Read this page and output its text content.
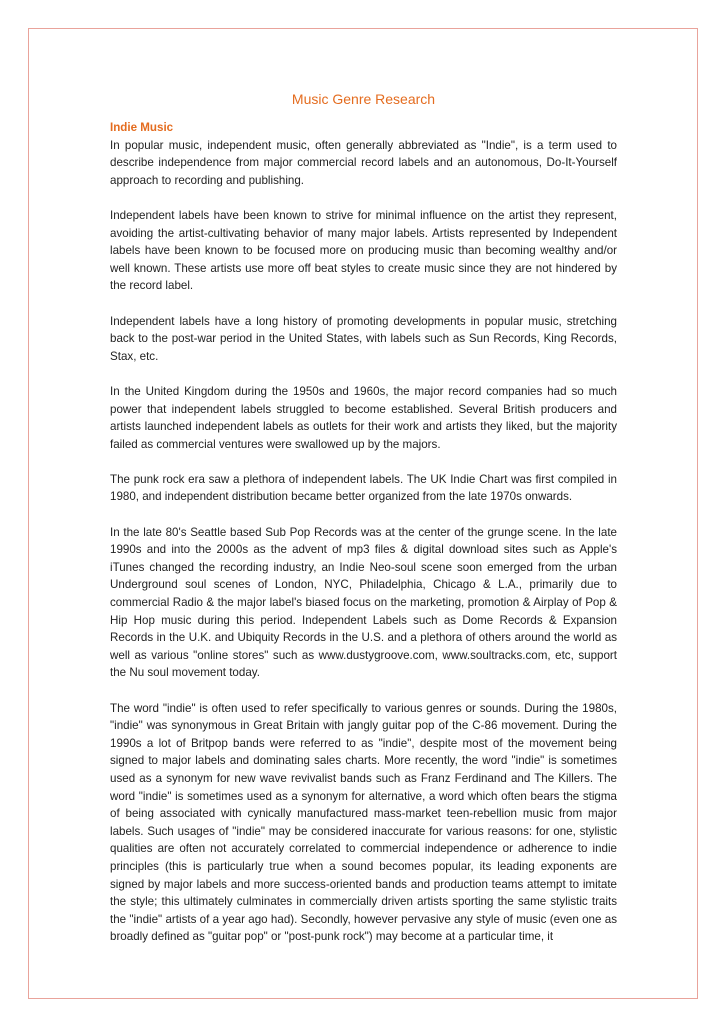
Music Genre Research
Indie Music

In popular music, independent music, often generally abbreviated as "Indie", is a term used to describe independence from major commercial record labels and an autonomous, Do-It-Yourself approach to recording and publishing.

Independent labels have been known to strive for minimal influence on the artist they represent, avoiding the artist-cultivating behavior of many major labels. Artists represented by Independent labels have been known to be focused more on producing music than becoming wealthy and/or well known. These artists use more off beat styles to create music since they are not hindered by the record label.

Independent labels have a long history of promoting developments in popular music, stretching back to the post-war period in the United States, with labels such as Sun Records, King Records, Stax, etc.

In the United Kingdom during the 1950s and 1960s, the major record companies had so much power that independent labels struggled to become established. Several British producers and artists launched independent labels as outlets for their work and artists they liked, but the majority failed as commercial ventures were swallowed up by the majors.

The punk rock era saw a plethora of independent labels. The UK Indie Chart was first compiled in 1980, and independent distribution became better organized from the late 1970s onwards.

In the late 80's Seattle based Sub Pop Records was at the center of the grunge scene. In the late 1990s and into the 2000s as the advent of mp3 files & digital download sites such as Apple's iTunes changed the recording industry, an Indie Neo-soul scene soon emerged from the urban Underground soul scenes of London, NYC, Philadelphia, Chicago & L.A., primarily due to commercial Radio & the major label's biased focus on the marketing, promotion & Airplay of Pop & Hip Hop music during this period. Independent Labels such as Dome Records & Expansion Records in the U.K. and Ubiquity Records in the U.S. and a plethora of others around the world as well as various "online stores" such as www.dustygroove.com, www.soultracks.com, etc, support the Nu soul movement today.

The word "indie" is often used to refer specifically to various genres or sounds. During the 1980s, "indie" was synonymous in Great Britain with jangly guitar pop of the C-86 movement. During the 1990s a lot of Britpop bands were referred to as "indie", despite most of the movement being signed to major labels and dominating sales charts. More recently, the word "indie" is sometimes used as a synonym for new wave revivalist bands such as Franz Ferdinand and The Killers. The word "indie" is sometimes used as a synonym for alternative, a word which often bears the stigma of being associated with cynically manufactured mass-market teen-rebellion music from major labels. Such usages of "indie" may be considered inaccurate for various reasons: for one, stylistic qualities are often not accurately correlated to commercial independence or adherence to indie principles (this is particularly true when a sound becomes popular, its leading exponents are signed by major labels and more success-oriented bands and production teams attempt to imitate the style; this ultimately culminates in commercially driven artists sporting the same stylistic traits the "indie" artists of a year ago had). Secondly, however pervasive any style of music (even one as broadly defined as "guitar pop" or "post-punk rock") may become at a particular time, it
